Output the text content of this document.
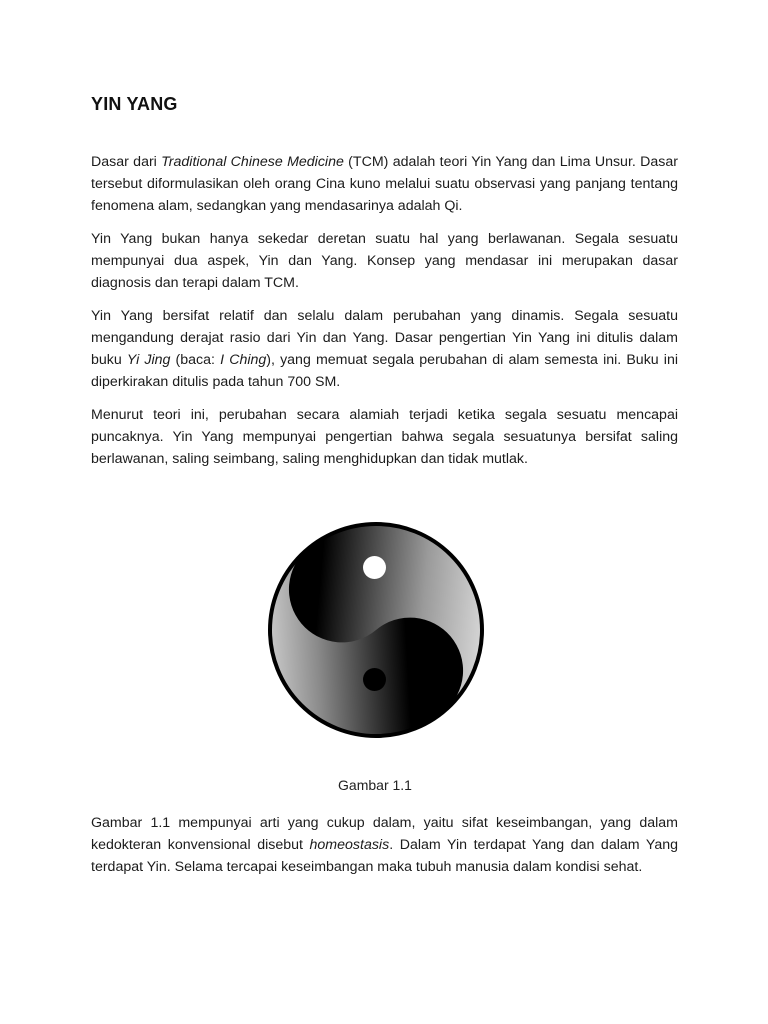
YIN YANG

Dasar dari Traditional Chinese Medicine (TCM) adalah teori Yin Yang dan Lima Unsur. Dasar tersebut diformulasikan oleh orang Cina kuno melalui suatu observasi yang panjang tentang fenomena alam, sedangkan yang mendasarinya adalah Qi.

Yin Yang bukan hanya sekedar deretan suatu hal yang berlawanan. Segala sesuatu mempunyai dua aspek, Yin dan Yang. Konsep yang mendasar ini merupakan dasar diagnosis dan terapi dalam TCM.

Yin Yang bersifat relatif dan selalu dalam perubahan yang dinamis. Segala sesuatu mengandung derajat rasio dari Yin dan Yang. Dasar pengertian Yin Yang ini ditulis dalam buku Yi Jing (baca: I Ching), yang memuat segala perubahan di alam semesta ini. Buku ini diperkirakan ditulis pada tahun 700 SM.

Menurut teori ini, perubahan secara alamiah terjadi ketika segala sesuatu mencapai puncaknya. Yin Yang mempunyai pengertian bahwa segala sesuatunya bersifat saling berlawanan, saling seimbang, saling menghidupkan dan tidak mutlak.

Gambar 1.1

Gambar 1.1 mempunyai arti yang cukup dalam, yaitu sifat keseimbangan, yang dalam kedokteran konvensional disebut homeostasis. Dalam Yin terdapat Yang dan dalam Yang terdapat Yin. Selama tercapai keseimbangan maka tubuh manusia dalam kondisi sehat.
